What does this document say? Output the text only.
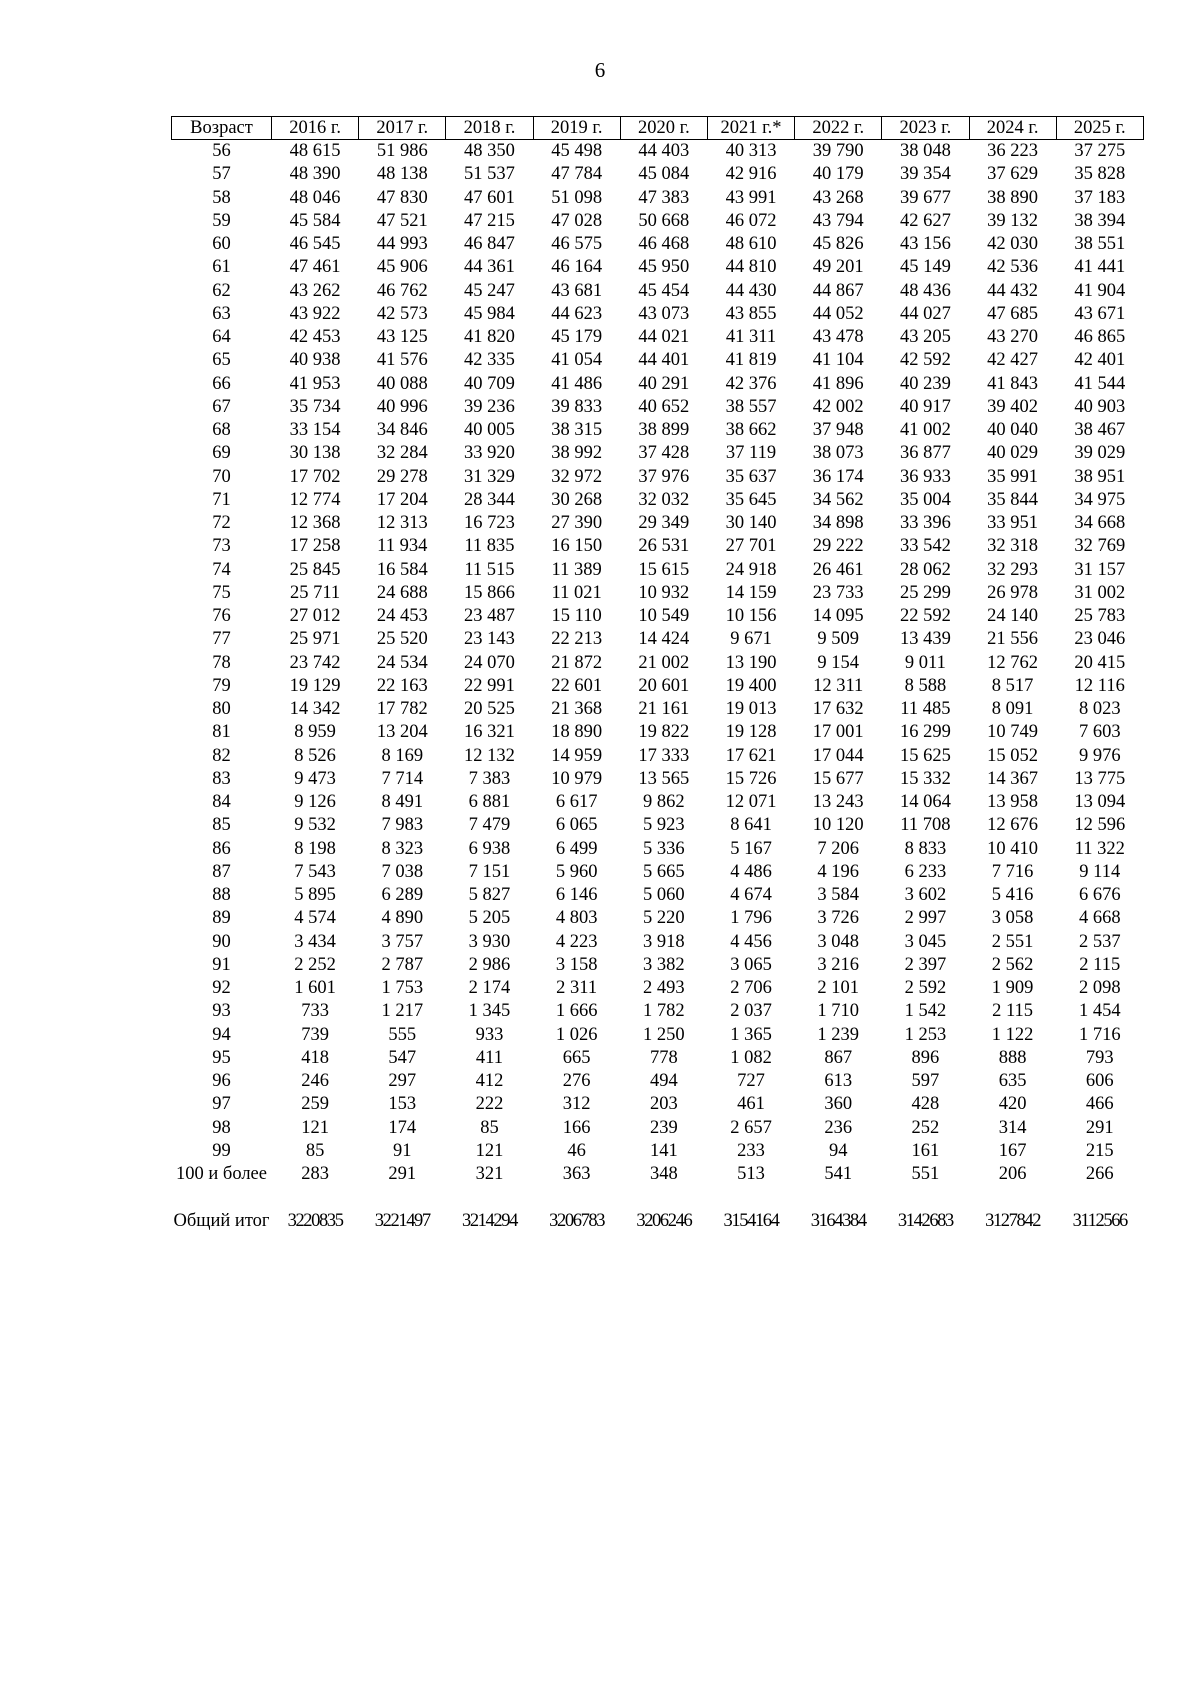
6
Возраст	2016 г.	2017 г.	2018 г.	2019 г.	2020 г.	2021 г.*	2022 г.	2023 г.	2024 г.	2025 г.
56	48 615	51 986	48 350	45 498	44 403	40 313	39 790	38 048	36 223	37 275
57	48 390	48 138	51 537	47 784	45 084	42 916	40 179	39 354	37 629	35 828
58	48 046	47 830	47 601	51 098	47 383	43 991	43 268	39 677	38 890	37 183
59	45 584	47 521	47 215	47 028	50 668	46 072	43 794	42 627	39 132	38 394
60	46 545	44 993	46 847	46 575	46 468	48 610	45 826	43 156	42 030	38 551
61	47 461	45 906	44 361	46 164	45 950	44 810	49 201	45 149	42 536	41 441
62	43 262	46 762	45 247	43 681	45 454	44 430	44 867	48 436	44 432	41 904
63	43 922	42 573	45 984	44 623	43 073	43 855	44 052	44 027	47 685	43 671
64	42 453	43 125	41 820	45 179	44 021	41 311	43 478	43 205	43 270	46 865
65	40 938	41 576	42 335	41 054	44 401	41 819	41 104	42 592	42 427	42 401
66	41 953	40 088	40 709	41 486	40 291	42 376	41 896	40 239	41 843	41 544
67	35 734	40 996	39 236	39 833	40 652	38 557	42 002	40 917	39 402	40 903
68	33 154	34 846	40 005	38 315	38 899	38 662	37 948	41 002	40 040	38 467
69	30 138	32 284	33 920	38 992	37 428	37 119	38 073	36 877	40 029	39 029
70	17 702	29 278	31 329	32 972	37 976	35 637	36 174	36 933	35 991	38 951
71	12 774	17 204	28 344	30 268	32 032	35 645	34 562	35 004	35 844	34 975
72	12 368	12 313	16 723	27 390	29 349	30 140	34 898	33 396	33 951	34 668
73	17 258	11 934	11 835	16 150	26 531	27 701	29 222	33 542	32 318	32 769
74	25 845	16 584	11 515	11 389	15 615	24 918	26 461	28 062	32 293	31 157
75	25 711	24 688	15 866	11 021	10 932	14 159	23 733	25 299	26 978	31 002
76	27 012	24 453	23 487	15 110	10 549	10 156	14 095	22 592	24 140	25 783
77	25 971	25 520	23 143	22 213	14 424	9 671	9 509	13 439	21 556	23 046
78	23 742	24 534	24 070	21 872	21 002	13 190	9 154	9 011	12 762	20 415
79	19 129	22 163	22 991	22 601	20 601	19 400	12 311	8 588	8 517	12 116
80	14 342	17 782	20 525	21 368	21 161	19 013	17 632	11 485	8 091	8 023
81	8 959	13 204	16 321	18 890	19 822	19 128	17 001	16 299	10 749	7 603
82	8 526	8 169	12 132	14 959	17 333	17 621	17 044	15 625	15 052	9 976
83	9 473	7 714	7 383	10 979	13 565	15 726	15 677	15 332	14 367	13 775
84	9 126	8 491	6 881	6 617	9 862	12 071	13 243	14 064	13 958	13 094
85	9 532	7 983	7 479	6 065	5 923	8 641	10 120	11 708	12 676	12 596
86	8 198	8 323	6 938	6 499	5 336	5 167	7 206	8 833	10 410	11 322
87	7 543	7 038	7 151	5 960	5 665	4 486	4 196	6 233	7 716	9 114
88	5 895	6 289	5 827	6 146	5 060	4 674	3 584	3 602	5 416	6 676
89	4 574	4 890	5 205	4 803	5 220	1 796	3 726	2 997	3 058	4 668
90	3 434	3 757	3 930	4 223	3 918	4 456	3 048	3 045	2 551	2 537
91	2 252	2 787	2 986	3 158	3 382	3 065	3 216	2 397	2 562	2 115
92	1 601	1 753	2 174	2 311	2 493	2 706	2 101	2 592	1 909	2 098
93	733	1 217	1 345	1 666	1 782	2 037	1 710	1 542	2 115	1 454
94	739	555	933	1 026	1 250	1 365	1 239	1 253	1 122	1 716
95	418	547	411	665	778	1 082	867	896	888	793
96	246	297	412	276	494	727	613	597	635	606
97	259	153	222	312	203	461	360	428	420	466
98	121	174	85	166	239	2 657	236	252	314	291
99	85	91	121	46	141	233	94	161	167	215
100 и более	283	291	321	363	348	513	541	551	206	266
Общий итог	3220835	3221497	3214294	3206783	3206246	3154164	3164384	3142683	3127842	3112566
